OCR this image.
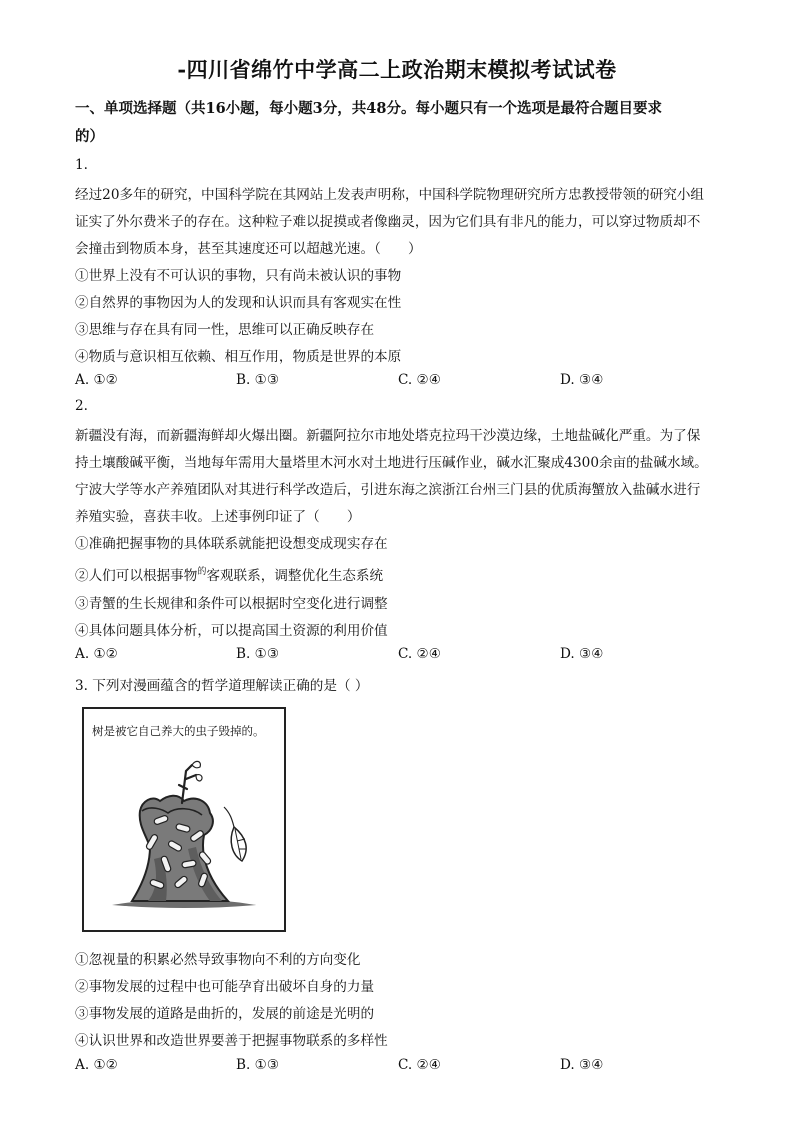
-四川省绵竹中学高二上政治期末模拟考试试卷
一、单项选择题（共16小题，每小题3分，共48分。每小题只有一个选项是最符合题目要求
的）
1.
经过20多年的研究，中国科学院在其网站上发表声明称，中国科学院物理研究所方忠教授带领的研究小组
证实了外尔费米子的存在。这种粒子难以捉摸或者像幽灵，因为它们具有非凡的能力，可以穿过物质却不
会撞击到物质本身，甚至其速度还可以超越光速。（　　）
①世界上没有不可认识的事物，只有尚未被认识的事物
②自然界的事物因为人的发现和认识而具有客观实在性
③思维与存在具有同一性，思维可以正确反映存在
④物质与意识相互依赖、相互作用，物质是世界的本原
A. ①②	B. ①③	C. ②④	D. ③④
2.
新疆没有海，而新疆海鲜却火爆出圈。新疆阿拉尔市地处塔克拉玛干沙漠边缘，土地盐碱化严重。为了保
持土壤酸碱平衡，当地每年需用大量塔里木河水对土地进行压碱作业，碱水汇聚成4300余亩的盐碱水域。
宁波大学等水产养殖团队对其进行科学改造后，引进东海之滨浙江台州三门县的优质海蟹放入盐碱水进行
养殖实验，喜获丰收。上述事例印证了（　　）
①准确把握事物的具体联系就能把设想变成现实存在
②人们可以根据事物$^的$客观联系，调整优化生态系统
③青蟹的生长规律和条件可以根据时空变化进行调整
④具体问题具体分析，可以提高国土资源的利用价值
A. ①②	B. ①③	C. ②④	D. ③④
3. 下列对漫画蕴含的哲学道理解读正确的是（ ）
树是被它自己养大的虫子毁掉的。
①忽视量的积累必然导致事物向不利的方向变化
②事物发展的过程中也可能孕育出破坏自身的力量
③事物发展的道路是曲折的，发展的前途是光明的
④认识世界和改造世界要善于把握事物联系的多样性
A. ①②	B. ①③	C. ②④	D. ③④
